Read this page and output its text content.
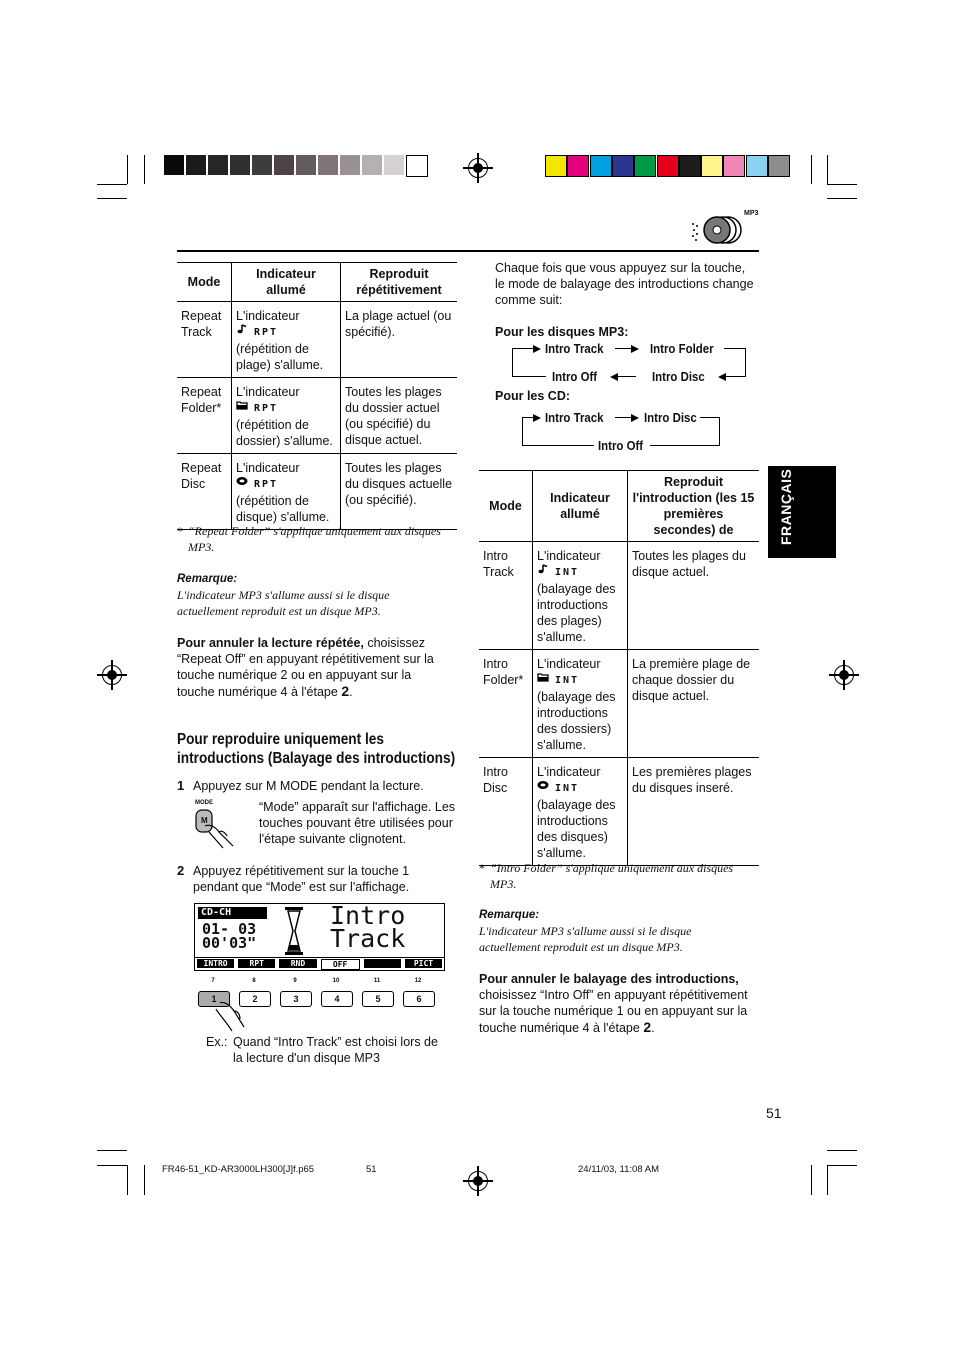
MP3
FRANÇAIS
Mode	Indicateur allumé	Reproduit répétitivement
Repeat Track	L'indicateur
RPT
(répétition de plage) s'allume.	La plage actuel (ou spécifié).
Repeat Folder*	L'indicateur
RPT
(répétition de dossier) s'allume.	Toutes les plages du dossier actuel (ou spécifié) du disque actuel.
Repeat Disc	L'indicateur
RPT
(répétition de disque) s'allume.	Toutes les plages du disques actuelle (ou spécifié).
* “Repeat Folder” s'applique uniquement aux disques MP3.
Remarque:
L'indicateur MP3 s'allume aussi si le disque actuellement reproduit est un disque MP3.
Pour annuler la lecture répétée, choisissez “Repeat Off” en appuyant répétitivement sur la touche numérique 2 ou en appuyant sur la touche numérique 4 à l'étape 2.
Pour reproduire uniquement les introductions (Balayage des introductions)
1 Appuyez sur M MODE pendant la lecture.
MODE
M
“Mode” apparaît sur l'affichage. Les touches pouvant être utilisées pour l'étape suivante clignotent.
2 Appuyez répétitivement sur la touche 1 pendant que “Mode” est sur l'affichage.
CD-CH
01- 03
00'03"
Intro
Track
INTRO	RPT	RND	OFF	PICT
7
1
8
2
9
3
10
4
11
5
12
6
Ex.: Quand “Intro Track” est choisi lors de la lecture d'un disque MP3
Chaque fois que vous appuyez sur la touche, le mode de balayage des introductions change comme suit:
Pour les disques MP3:
Intro Track	Intro Folder
Intro Disc
Intro Off
Pour les CD:
Intro Track	Intro Disc
Intro Off
Mode	Indicateur allumé	Reproduit l'introduction (les 15 premières secondes) de
Intro Track	L'indicateur
INT
(balayage des introductions des plages) s'allume.	Toutes les plages du disque actuel.
Intro Folder*	L'indicateur
INT
(balayage des introductions des dossiers) s'allume.	La première plage de chaque dossier du disque actuel.
Intro Disc	L'indicateur
INT
(balayage des introductions des disques) s'allume.	Les premières plages du disques inseré.
* “Intro Folder” s'applique uniquement aux disques MP3.
Remarque:
L'indicateur MP3 s'allume aussi si le disque actuellement reproduit est un disque MP3.
Pour annuler le balayage des introductions, choisissez “Intro Off” en appuyant répétitivement sur la touche numérique 1 ou en appuyant sur la touche numérique 4 à l'étape 2.
51
FR46-51_KD-AR3000LH300[J]f.p65	51	24/11/03, 11:08 AM
